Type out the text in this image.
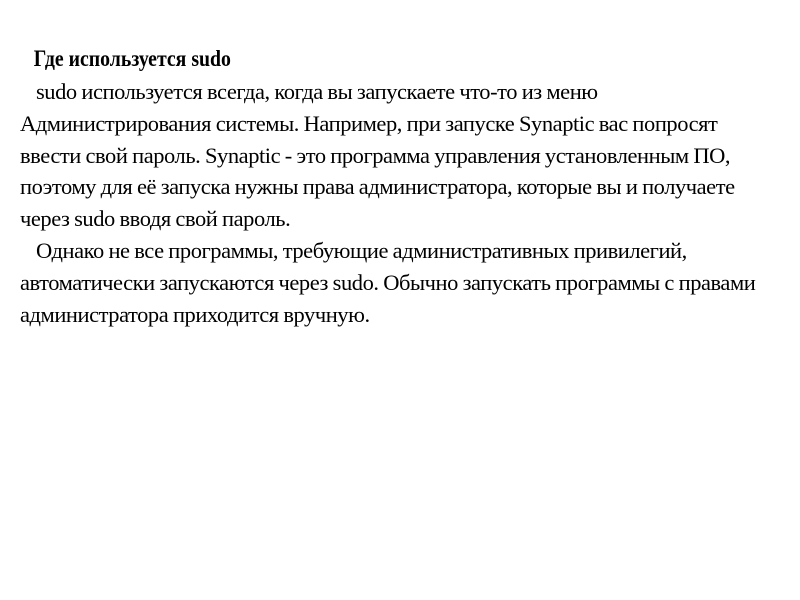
Где используется sudo

sudo используется всегда, когда вы запускаете что-то из меню Администрирования системы. Например, при запуске Synaptic вас попросят ввести свой пароль. Synaptic - это программа управления установленным ПО, поэтому для её запуска нужны права администратора, которые вы и получаете через sudo вводя свой пароль.

Однако не все программы, требующие административных привилегий, автоматически запускаются через sudo. Обычно запускать программы с правами администратора приходится вручную.
